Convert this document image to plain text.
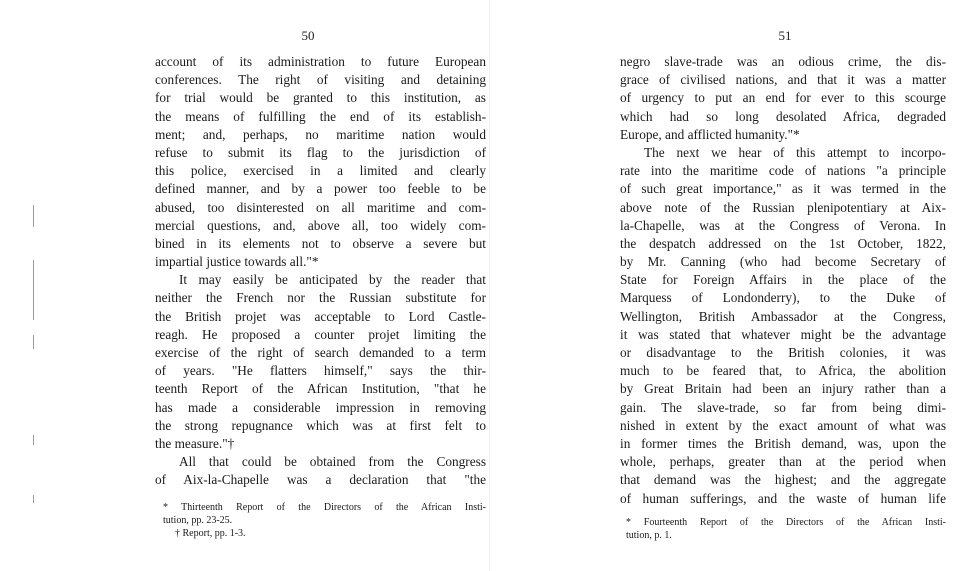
50
account of its administration to future European
conferences. The right of visiting and detaining
for trial would be granted to this institution, as
the means of fulfilling the end of its establish-
ment; and, perhaps, no maritime nation would
refuse to submit its flag to the jurisdiction of
this police, exercised in a limited and clearly
defined manner, and by a power too feeble to be
abused, too disinterested on all maritime and com-
mercial questions, and, above all, too widely com-
bined in its elements not to observe a severe but
impartial justice towards all."*
It may easily be anticipated by the reader that
neither the French nor the Russian substitute for
the British projet was acceptable to Lord Castle-
reagh. He proposed a counter projet limiting the
exercise of the right of search demanded to a term
of years. "He flatters himself," says the thir-
teenth Report of the African Institution, "that he
has made a considerable impression in removing
the strong repugnance which was at first felt to
the measure."†
All that could be obtained from the Congress
of Aix-la-Chapelle was a declaration that "the
* Thirteenth Report of the Directors of the African Insti-
tution, pp. 23-25.
† Report, pp. 1-3.
51
negro slave-trade was an odious crime, the dis-
grace of civilised nations, and that it was a matter
of urgency to put an end for ever to this scourge
which had so long desolated Africa, degraded
Europe, and afflicted humanity."*
The next we hear of this attempt to incorpo-
rate into the maritime code of nations "a principle
of such great importance," as it was termed in the
above note of the Russian plenipotentiary at Aix-
la-Chapelle, was at the Congress of Verona. In
the despatch addressed on the 1st October, 1822,
by Mr. Canning (who had become Secretary of
State for Foreign Affairs in the place of the
Marquess of Londonderry), to the Duke of
Wellington, British Ambassador at the Congress,
it was stated that whatever might be the advantage
or disadvantage to the British colonies, it was
much to be feared that, to Africa, the abolition
by Great Britain had been an injury rather than a
gain. The slave-trade, so far from being dimi-
nished in extent by the exact amount of what was
in former times the British demand, was, upon the
whole, perhaps, greater than at the period when
that demand was the highest; and the aggregate
of human sufferings, and the waste of human life
* Fourteenth Report of the Directors of the African Insti-
tution, p. 1.
